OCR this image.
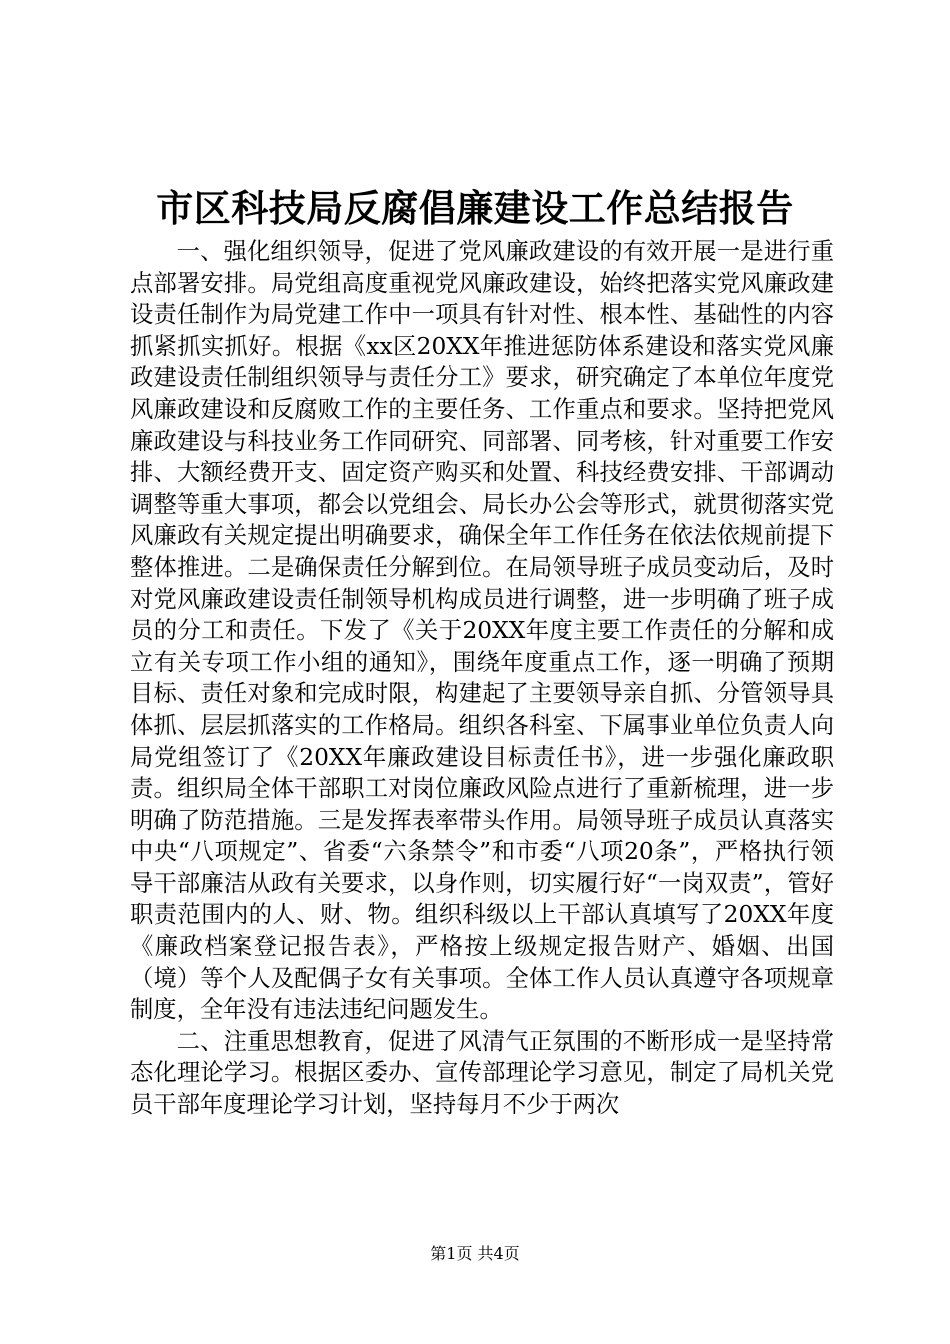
市区科技局反腐倡廉建设工作总结报告

一、强化组织领导，促进了党风廉政建设的有效开展一是进行重点部署安排。局党组高度重视党风廉政建设，始终把落实党风廉政建设责任制作为局党建工作中一项具有针对性、根本性、基础性的内容抓紧抓实抓好。根据《xx区20XX年推进惩防体系建设和落实党风廉政建设责任制组织领导与责任分工》要求，研究确定了本单位年度党风廉政建设和反腐败工作的主要任务、工作重点和要求。坚持把党风廉政建设与科技业务工作同研究、同部署、同考核，针对重要工作安排、大额经费开支、固定资产购买和处置、科技经费安排、干部调动调整等重大事项，都会以党组会、局长办公会等形式，就贯彻落实党风廉政有关规定提出明确要求，确保全年工作任务在依法依规前提下整体推进。二是确保责任分解到位。在局领导班子成员变动后，及时对党风廉政建设责任制领导机构成员进行调整，进一步明确了班子成员的分工和责任。下发了《关于20XX年度主要工作责任的分解和成立有关专项工作小组的通知》，围绕年度重点工作，逐一明确了预期目标、责任对象和完成时限，构建起了主要领导亲自抓、分管领导具体抓、层层抓落实的工作格局。组织各科室、下属事业单位负责人向局党组签订了《20XX年廉政建设目标责任书》，进一步强化廉政职责。组织局全体干部职工对岗位廉政风险点进行了重新梳理，进一步明确了防范措施。三是发挥表率带头作用。局领导班子成员认真落实中央“八项规定”、省委“六条禁令”和市委“八项20条”，严格执行领导干部廉洁从政有关要求，以身作则，切实履行好“一岗双责”，管好职责范围内的人、财、物。组织科级以上干部认真填写了20XX年度《廉政档案登记报告表》，严格按上级规定报告财产、婚姻、出国（境）等个人及配偶子女有关事项。全体工作人员认真遵守各项规章制度，全年没有违法违纪问题发生。

二、注重思想教育，促进了风清气正氛围的不断形成一是坚持常态化理论学习。根据区委办、宣传部理论学习意见，制定了局机关党员干部年度理论学习计划，坚持每月不少于两次

第1页 共4页
